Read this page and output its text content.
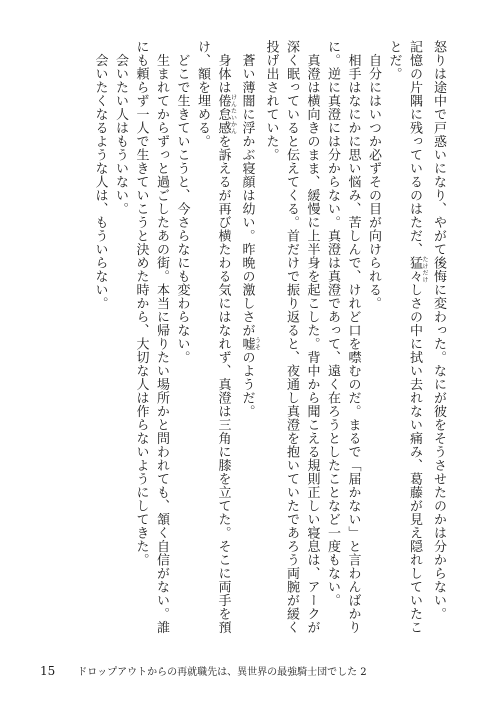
怒りは途中で戸惑いになり、やがて後悔に変わった。なにが彼をそうさせたのかは分からない。
記憶の片隅に残っているのはただ、猛々 たけだけしさの中に拭い去れない痛み、葛藤が見え隠れしていたこ
とだ。
　自分にはいつか必ずその目が向けられる。
　相手はなにかに思い悩み、苦しんで、けれど口を噤むのだ。まるで「届かない」と言わんばかり
に。逆に真澄には分からない。真澄は真澄であって、遠く在ろうとしたことなど一度もない。
　真澄は横向きのまま、緩慢に上半身を起こした。背中から聞こえる規則正しい寝息は、アークが
深く眠っていると伝えてくる。首だけで振り返ると、夜通し真澄を抱いていたであろう両腕が緩く
投げ出されていた。
　蒼い薄闇に浮かぶ寝顔は幼い。昨晩の激しさが嘘 うそのようだ。
　身体は倦怠感 けんたいかんを訴えるが再び横たわる気にはなれず、真澄は三角に膝を立てた。そこに両手を預
け、額を埋める。
　どこで生きていこうと、今さらなにも変わらない。
　生まれてからずっと過ごしたあの街。本当に帰りたい場所かと問われても、頷く自信がない。誰
にも頼らず一人で生きていこうと決めた時から、大切な人は作らないようにしてきた。
　会いたい人はもういない。
　会いたくなるような人は、もういらない。
15 ドロップアウトからの再就職先は、異世界の最強騎士団でした 2
